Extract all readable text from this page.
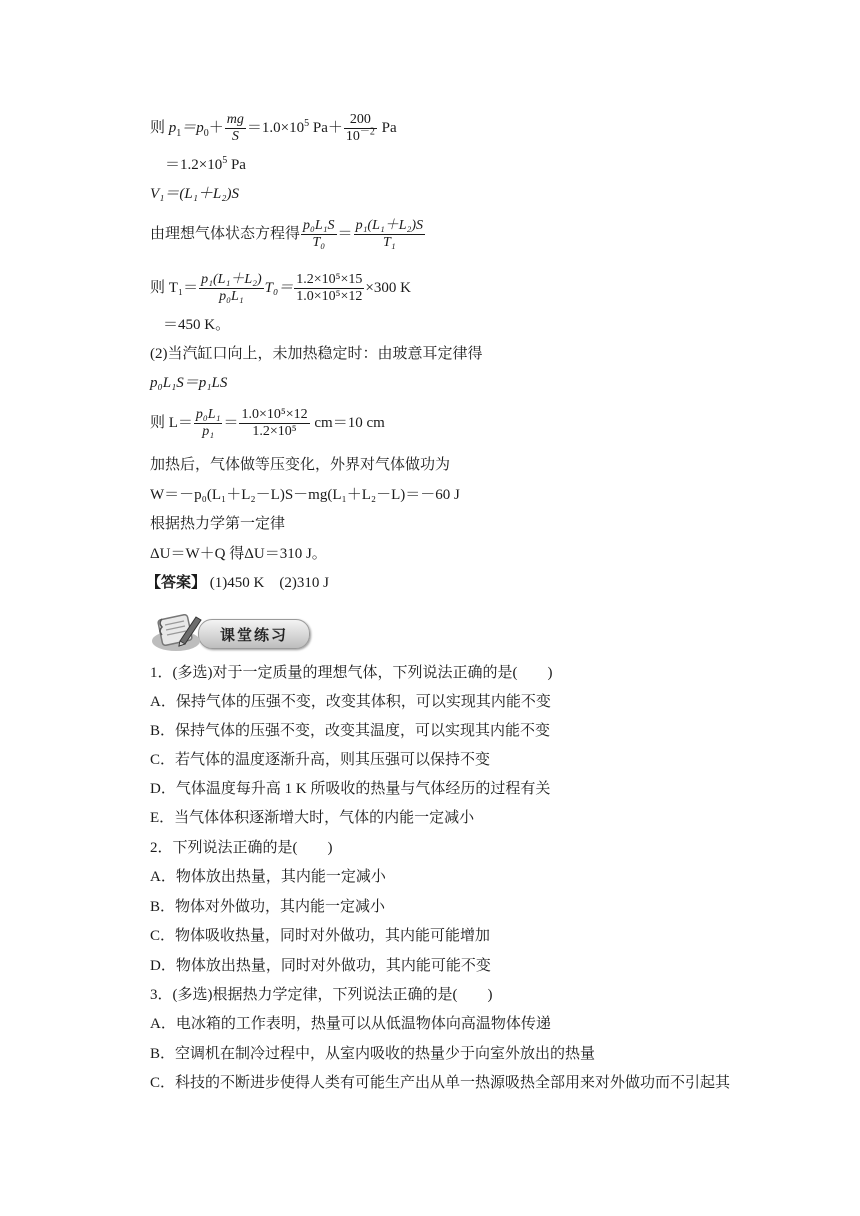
则 $p_1=p_0+ \frac{mg}{S} =1.0\times 10^5$ $Pa+ \frac{200}{10^{-2}}$ Pa
$=1.2\times 10^5$ Pa
V₁＝(L₁＋L₂)S
由理想气体状态方程得 $\frac{\text{p₀L₁S}}{\text{T₀}} = \frac{\text{p₁(L₁＋L₂)S}}{\text{T₁}}$
则 $T_1= \frac{\text{p₁(L₁＋L₂)}}{\text{p₀L₁}} T_0= \frac{\text{1.2×10⁵×15}}{\text{1.0×10⁵×12}} \times 300$ K
＝450 K。
(2)当汽缸口向上，未加热稳定时：由玻意耳定律得
p₀L₁S＝p₁LS
则 $L= \frac{\text{p₀L₁}}{\text{p₁}} = \frac{\text{1.0×10⁵×12}}{\text{1.2×10⁵}} cm=10$ cm
加热后，气体做等压变化，外界对气体做功为
W＝－p₀(L₁＋L₂－L)S－mg(L₁＋L₂－L)＝－60 J
根据热力学第一定律
ΔU＝W＋Q 得ΔU＝310 J。
【答案】 (1)450 K　(2)310 J
课堂练习
1．(多选)对于一定质量的理想气体，下列说法正确的是(　　)
A．保持气体的压强不变，改变其体积，可以实现其内能不变
B．保持气体的压强不变，改变其温度，可以实现其内能不变
C．若气体的温度逐渐升高，则其压强可以保持不变
D．气体温度每升高 1 K 所吸收的热量与气体经历的过程有关
E．当气体体积逐渐增大时，气体的内能一定减小
2．下列说法正确的是(　　)
A．物体放出热量，其内能一定减小
B．物体对外做功，其内能一定减小
C．物体吸收热量，同时对外做功，其内能可能增加
D．物体放出热量，同时对外做功，其内能可能不变
3．(多选)根据热力学定律，下列说法正确的是(　　)
A．电冰箱的工作表明，热量可以从低温物体向高温物体传递
B．空调机在制冷过程中，从室内吸收的热量少于向室外放出的热量
C．科技的不断进步使得人类有可能生产出从单一热源吸热全部用来对外做功而不引起其
